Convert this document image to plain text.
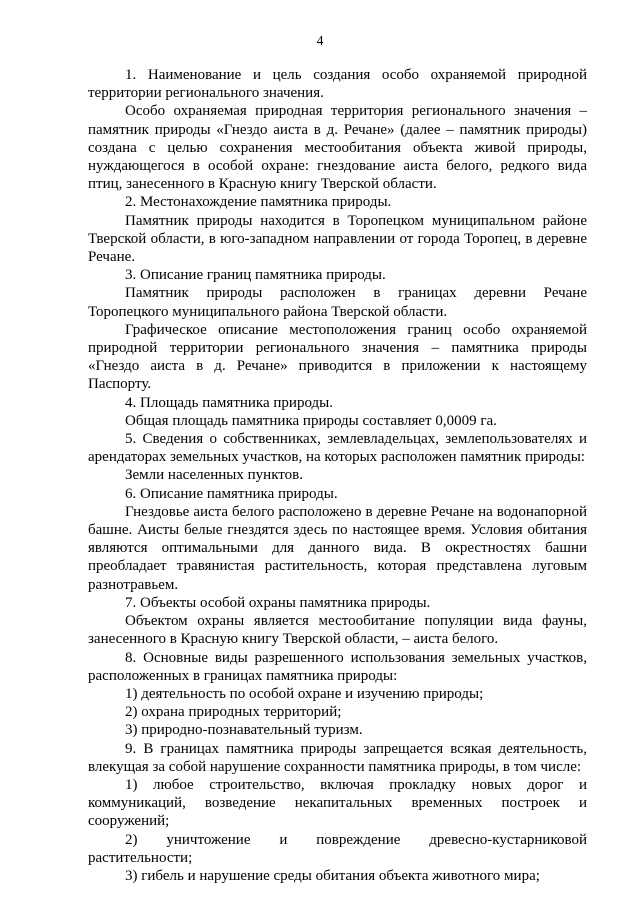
4

1. Наименование и цель создания особо охраняемой природной территории регионального значения.

Особо охраняемая природная территория регионального значения – памятник природы «Гнездо аиста в д. Речане» (далее – памятник природы) создана с целью сохранения местообитания объекта живой природы, нуждающегося в особой охране: гнездование аиста белого, редкого вида птиц, занесенного в Красную книгу Тверской области.

2. Местонахождение памятника природы.

Памятник природы находится в Торопецком муниципальном районе Тверской области, в юго-западном направлении от города Торопец, в деревне Речане.

3. Описание границ памятника природы.

Памятник природы расположен в границах деревни Речане Торопецкого муниципального района Тверской области.

Графическое описание местоположения границ особо охраняемой природной территории регионального значения – памятника природы «Гнездо аиста в д. Речане» приводится в приложении к настоящему Паспорту.

4. Площадь памятника природы.

Общая площадь памятника природы составляет 0,0009 га.

5. Сведения о собственниках, землевладельцах, землепользователях и арендаторах земельных участков, на которых расположен памятник природы:

Земли населенных пунктов.

6. Описание памятника природы.

Гнездовье аиста белого расположено в деревне Речане на водонапорной башне. Аисты белые гнездятся здесь по настоящее время. Условия обитания являются оптимальными для данного вида. В окрестностях башни преобладает травянистая растительность, которая представлена луговым разнотравьем.

7. Объекты особой охраны памятника природы.

Объектом охраны является местообитание популяции вида фауны, занесенного в Красную книгу Тверской области, – аиста белого.

8. Основные виды разрешенного использования земельных участков, расположенных в границах памятника природы:

1) деятельность по особой охране и изучению природы;

2) охрана природных территорий;

3) природно-познавательный туризм.

9. В границах памятника природы запрещается всякая деятельность, влекущая за собой нарушение сохранности памятника природы, в том числе:

1) любое строительство, включая прокладку новых дорог и коммуникаций, возведение некапитальных временных построек и сооружений;

2) уничтожение и повреждение древесно-кустарниковой растительности;

3) гибель и нарушение среды обитания объекта животного мира;
